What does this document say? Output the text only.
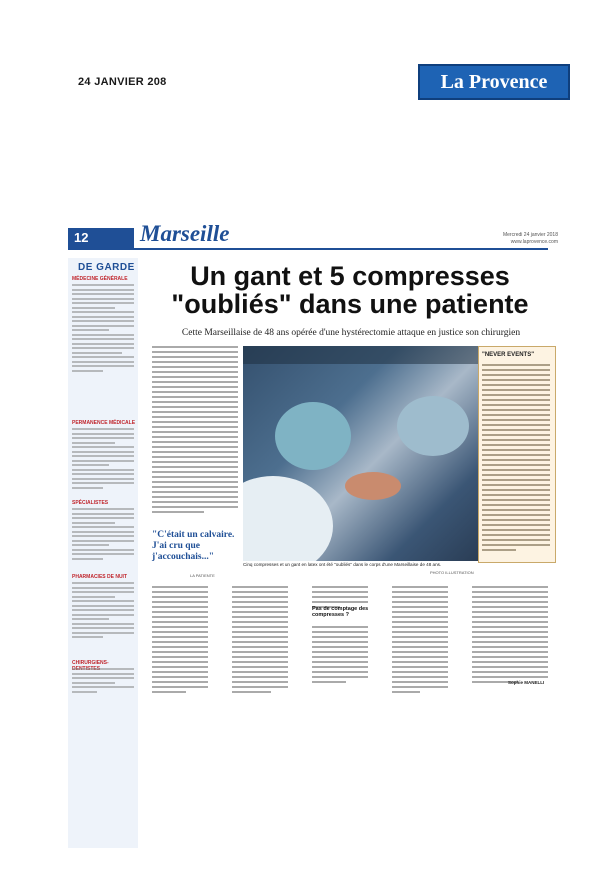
24 JANVIER 208	La Provence
12	Marseille	Mercredi 24 janvier 2018 www.laprovence.com
DE GARDE
MÉDECINE GÉNÉRALE
PERMANENCE MÉDICALE
SPÉCIALISTES
PHARMACIES DE NUIT
CHIRURGIENS-
Un gant et 5 compresses "oubliés" dans une patiente
Cette Marseillaise de 48 ans opérée d'une hystérectomie attaque en justice son chirurgien
"C'était un calvaire. J'ai cru que j'accouchais..."
LA PATIENTE
Cinq compresses et un gant en latex ont été "oubliés" dans le corps d'une Marseillaise de 48 ans.
PHOTO ILLUSTRATION
"NEVER EVENTS"
Pas de comptage des compresses ?
Sophie MANELLI
